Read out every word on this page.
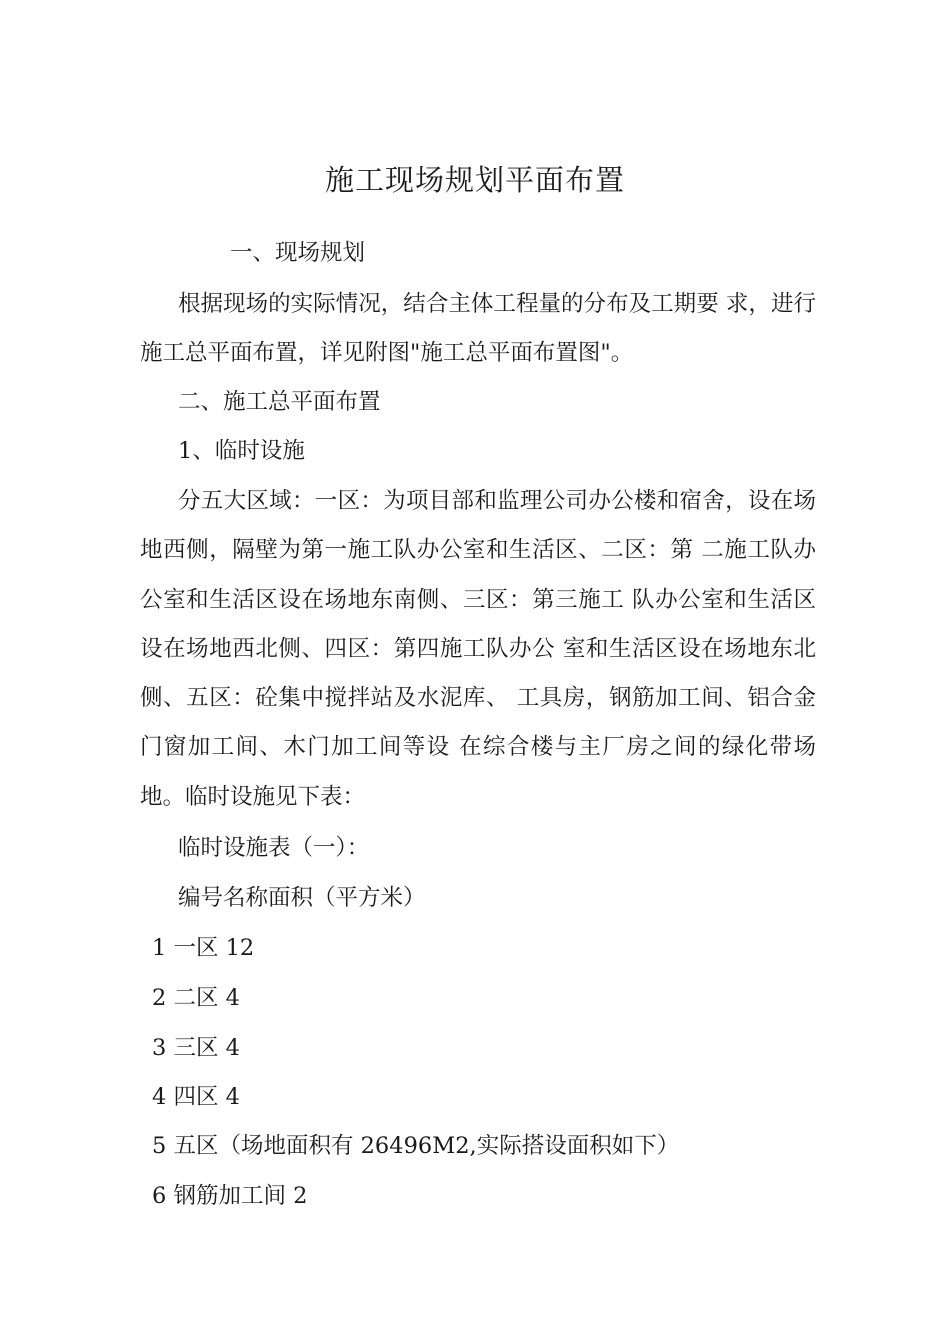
施工现场规划平面布置
一、现场规划
根据现场的实际情况，结合主体工程量的分布及工期要 求，进行施工总平面布置，详见附图"施工总平面布置图"。
二、施工总平面布置
1、临时设施
分五大区域：一区：为项目部和监理公司办公楼和宿舍，设在场地西侧，隔壁为第一施工队办公室和生活区、二区：第 二施工队办公室和生活区设在场地东南侧、三区：第三施工 队办公室和生活区设在场地西北侧、四区：第四施工队办公 室和生活区设在场地东北侧、五区：砼集中搅拌站及水泥库、 工具房，钢筋加工间、铝合金门窗加工间、木门加工间等设 在综合楼与主厂房之间的绿化带场地。临时设施见下表：
临时设施表（一）：
编号名称面积（平方米）
1 一区 12
2 二区 4
3 三区 4
4 四区 4
5 五区（场地面积有 26496M2,实际搭设面积如下）
6 钢筋加工间 2
